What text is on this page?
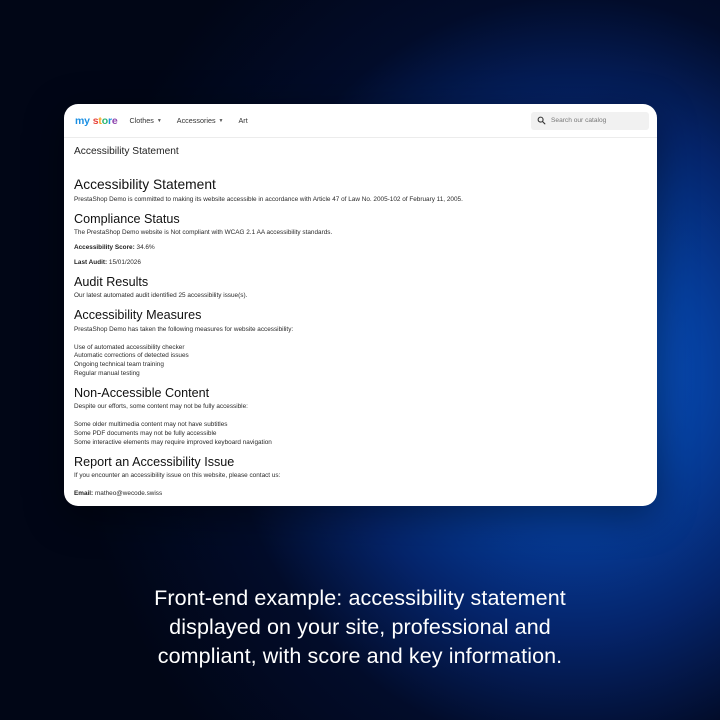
my store Clothes ▼ Accessories ▼ Art
Search our catalog
Accessibility Statement
Accessibility Statement

PrestaShop Demo is committed to making its website accessible in accordance with Article 47 of Law No. 2005-102 of February 11, 2005.

Compliance Status

The PrestaShop Demo website is Not compliant with WCAG 2.1 AA accessibility standards.

Accessibility Score: 34.6%

Last Audit: 15/01/2026

Audit Results

Our latest automated audit identified 25 accessibility issue(s).

Accessibility Measures

PrestaShop Demo has taken the following measures for website accessibility:

Use of automated accessibility checker
Automatic corrections of detected issues
Ongoing technical team training
Regular manual testing
Non-Accessible Content

Despite our efforts, some content may not be fully accessible:

Some older multimedia content may not have subtitles
Some PDF documents may not be fully accessible
Some interactive elements may require improved keyboard navigation
Report an Accessibility Issue

If you encounter an accessibility issue on this website, please contact us:

Email: matheo@wecode.swiss

Front-end example: accessibility statement
displayed on your site, professional and
compliant, with score and key information.
